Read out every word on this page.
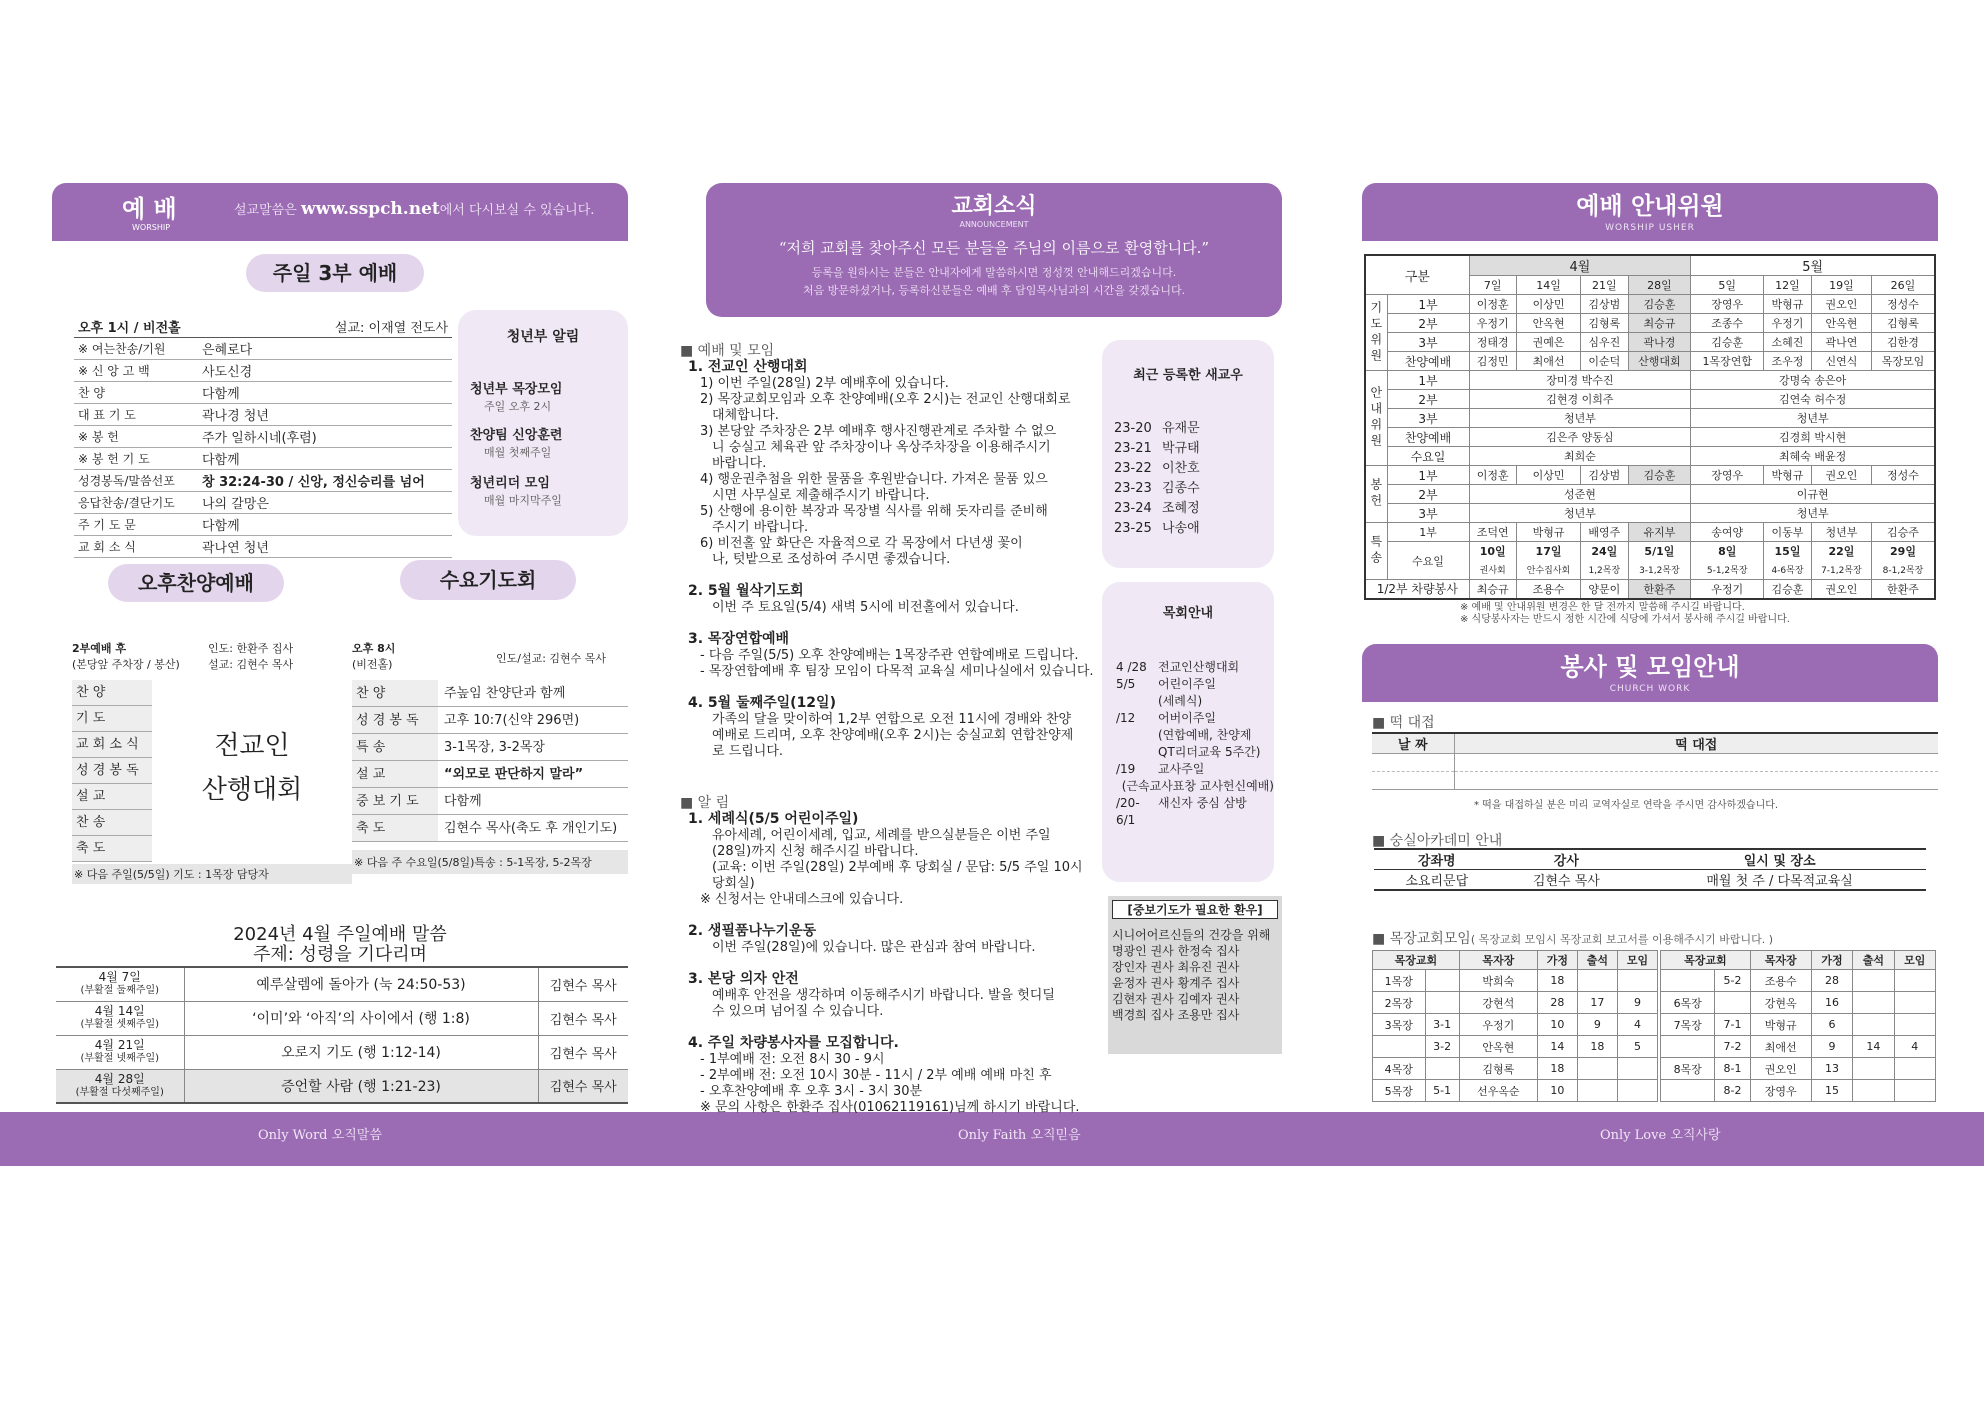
Only Word 오직말씀	Only Faith 오직믿음	Only Love 오직사랑
예 배
WORSHIP
설교말씀은 www.sspch.net에서 다시보실 수 있습니다.
주일 3부 예배
청년부 알림
청년부 목장모임
주일 오후 2시
찬양팀 신앙훈련
매월 첫째주일
청년리더 모임
매월 마지막주일
오후 1시 / 비전홀	설교: 이재열 전도사
※ 여는찬송/기원	은혜로다
※ 신 앙 고 백	사도신경
찬 양	다함께
대 표 기 도	곽나경 청년
※ 봉 헌	주가 일하시네(후렴)
※ 봉 헌 기 도	다함께
성경봉독/말씀선포	창 32:24-30 / 신앙, 정신승리를 넘어
응답찬송/결단기도	나의 갈망은
주 기 도 문	다함께
교 회 소 식	곽나연 청년
오후찬양예배	수요기도회
2부예배 후
(본당앞 주차장 / 봉산)
인도: 한환주 집사
설교: 김현수 목사
찬 양
기 도
교 회 소 식
성 경 봉 독
설 교
찬 송
축 도
전교인
산행대회
※ 다음 주일(5/5일) 기도 : 1목장 담당자
오후 8시
(비전홀)	인도/설교: 김현수 목사
찬 양	주높임 찬양단과 함께
성 경 봉 독	고후 10:7(신약 296면)
특 송	3-1목장, 3-2목장
설 교	“외모로 판단하지 말라”
중 보 기 도	다함께
축 도	김현수 목사(축도 후 개인기도)
※ 다음 주 수요일(5/8일)특송 : 5-1목장, 5-2목장
2024년 4월 주일예배 말씀
주제: 성령을 기다리며
4월 7일
(부활절 둘째주일)	예루살렘에 돌아가 (눅 24:50-53)	김현수 목사

4월 14일
(부활절 셋째주일)	‘이미’와 ‘아직’의 사이에서 (행 1:8)	김현수 목사

4월 21일
(부활절 넷째주일)	오로지 기도 (행 1:12-14)	김현수 목사

4월 28일
(부활절 다섯째주일)	증언할 사람 (행 1:21-23)	김현수 목사
교회소식
ANNOUNCEMENT
“저희 교회를 찾아주신 모든 분들을 주님의 이름으로 환영합니다.”
등록을 원하시는 분들은 안내자에게 말씀하시면 정성껏 안내해드리겠습니다.
처음 방문하셨거나, 등록하신분들은 예배 후 담임목사님과의 시간을 갖겠습니다.
■ 예배 및 모임
1. 전교인 산행대회
1) 이번 주일(28일) 2부 예배후에 있습니다.
2) 목장교회모임과 오후 찬양예배(오후 2시)는 전교인 산행대회로
대체합니다.
3) 본당앞 주차장은 2부 예배후 행사진행관계로 주차할 수 없으
니 숭실고 체육관 앞 주차장이나 옥상주차장을 이용해주시기
바랍니다.
4) 행운권추첨을 위한 물품을 후원받습니다. 가져온 물품 있으
시면 사무실로 제출해주시기 바랍니다.
5) 산행에 용이한 복장과 목장별 식사를 위해 돗자리를 준비해
주시기 바랍니다.
6) 비전홀 앞 화단은 자율적으로 각 목장에서 다년생 꽃이
나, 텃밭으로 조성하여 주시면 좋겠습니다.
2. 5월 월삭기도회
이번 주 토요일(5/4) 새벽 5시에 비전홀에서 있습니다.
3. 목장연합예배
- 다음 주일(5/5) 오후 찬양예배는 1목장주관 연합예배로 드립니다.
- 목장연합예배 후 팀장 모임이 다목적 교육실 세미나실에서 있습니다.
4. 5월 둘째주일(12일)
가족의 달을 맞이하여 1,2부 연합으로 오전 11시에 경배와 찬양
예배로 드리며, 오후 찬양예배(오후 2시)는 숭실교회 연합찬양제
로 드립니다.
■ 알 림
1. 세례식(5/5 어린이주일)
유아세례, 어린이세례, 입교, 세례를 받으실분들은 이번 주일
(28일)까지 신청 해주시길 바랍니다.
(교육: 이번 주일(28일) 2부예배 후 당회실 / 문답: 5/5 주일 10시 당회실)
※ 신청서는 안내데스크에 있습니다.
2. 생필품나누기운동
이번 주일(28일)에 있습니다. 많은 관심과 참여 바랍니다.
3. 본당 의자 안전
예배후 안전을 생각하며 이동해주시기 바랍니다. 발을 헛디딜
수 있으며 넘어질 수 있습니다.
4. 주일 차량봉사자를 모집합니다.
- 1부예배 전: 오전 8시 30 - 9시
- 2부예배 전: 오전 10시 30분 - 11시 / 2부 예배 예배 마친 후
- 오후찬양예배 후 오후 3시 - 3시 30분
※ 문의 사항은 한환주 집사(01062119161)님께 하시기 바랍니다.
최근 등록한 새교우
23-20 유재문
23-21 박규태
23-22 이찬호
23-23 김종수
23-24 조혜정
23-25 나송애
목회안내
4 /28 전교인산행대회
5/5	어린이주일
(세례식)
/12	어버이주일
(연합예배, 찬양제
QT리더교육 5주간)
/19	교사주일
(근속교사표창 교사헌신예배)
/20-6/1
새신자 중심 삼방
[중보기도가 필요한 환우]
시니어어르신들의 건강을 위해
명광인 권사 한정숙 집사
장인자 권사 최유진 권사
윤정자 권사 황계주 집사
김현자 권사 김예자 권사
백경희 집사 조용만 집사
예배 안내위원
WORSHIP USHER
구분		4월				5월			
		7일	14일	21일	28일	5일	12일	19일	26일
기도위원	1부	이정훈	이상민	김상범	김승훈	장영우	박형규	권오인	정성수
	2부	우정기	안옥현	김형록	최승규	조종수	우정기	안옥현	김형록
	3부	정태경	권예은	심우진	곽나경	김승훈	소혜진	곽나연	김한경
	찬양예배	김정민	최애선	이순덕	산행대회	1목장연합	조우정	신연식	목장모임
안내위원	1부	장미경 박수진				강명숙 송은아			
	2부	김현경 이희주				김연숙 허수정			
	3부	청년부				청년부			
	찬양예배	김은주 양동심				김경희 박시현			
	수요일	최희순				최혜숙 배윤정			
봉헌	1부	이정훈	이상민	김상범	김승훈	장영우	박형규	권오인	정성수
	2부	성준현				이규현			
	3부	청년부				청년부			
특송	1부	조덕연	박형규	배영주	유지부	송여양	이동부	청년부	김승주
	수요일	10일	17일	24일	5/1일	8일	15일	22일	29일
		권사회	안수집사회	1,2목장	3-1,2목장	5-1,2목장	4-6목장	7-1,2목장	8-1,2목장
1/2부 차량봉사		최승규	조용수	양문이	한환주	우정기	김승훈	권오인	한환주
※ 예배 및 안내위원 변경은 한 달 전까지 말씀해 주시길 바랍니다.
※ 식당봉사자는 반드시 정한 시간에 식당에 가셔서 봉사해 주시길 바랍니다.
봉사 및 모임안내
CHURCH WORK
■ 떡 대접
날 짜	떡 대접

* 떡을 대접하실 분은 미리 교역자실로 연락을 주시면 감사하겠습니다.
■ 숭실아카데미 안내
강좌명	강사	일시 및 장소
소요리문답	김현수 목사	매월 첫 주 / 다목적교육실
■ 목장교회모임( 목장교회 모임시 목장교회 보고서를 이용해주시기 바랍니다. )
목장교회		목자장	가정	출석	모임
1목장		박희숙	18		
2목장		강현석	28	17	9
3목장	3-1	우정기	10	9	4
	3-2	안옥현	14	18	5
4목장		김형록	18		
5목장	5-1	선우옥순	10		
목장교회		목자장	가정	출석	모임
	5-2	조용수	28		
6목장		강현옥	16		
7목장	7-1	박형규	6		
	7-2	최애선	9	14	4
8목장	8-1	권오인	13		
	8-2	장영우	15		
